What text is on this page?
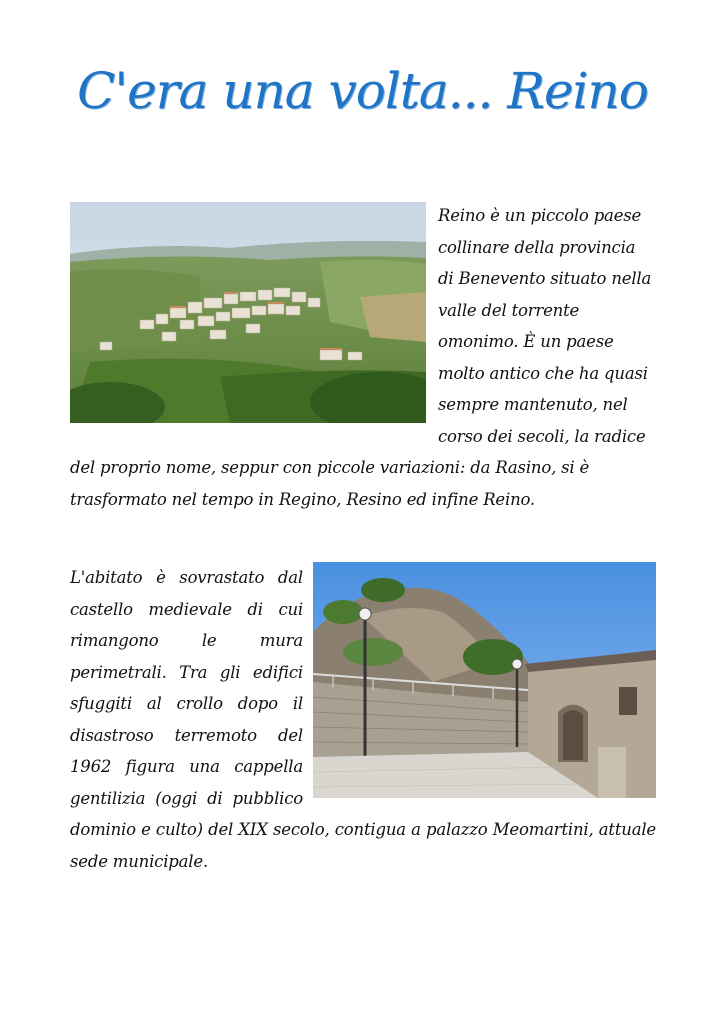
C'era una volta... Reino
Reino è un piccolo paese collinare della provincia di Benevento situato nella valle del torrente omonimo. È un paese molto antico che ha quasi sempre mantenuto, nel corso dei secoli, la radice del proprio nome, seppur con piccole variazioni: da Rasino, si è trasformato nel tempo in Regino, Resino ed infine Reino.
L'abitato è sovrastato dal castello medievale di cui rimangono le mura perimetrali. Tra gli edifici sfuggiti al crollo dopo il disastroso terremoto del 1962 figura una cappella gentilizia (oggi di pubblico dominio e culto) del XIX secolo, contigua a palazzo Meomartini, attuale sede municipale.
